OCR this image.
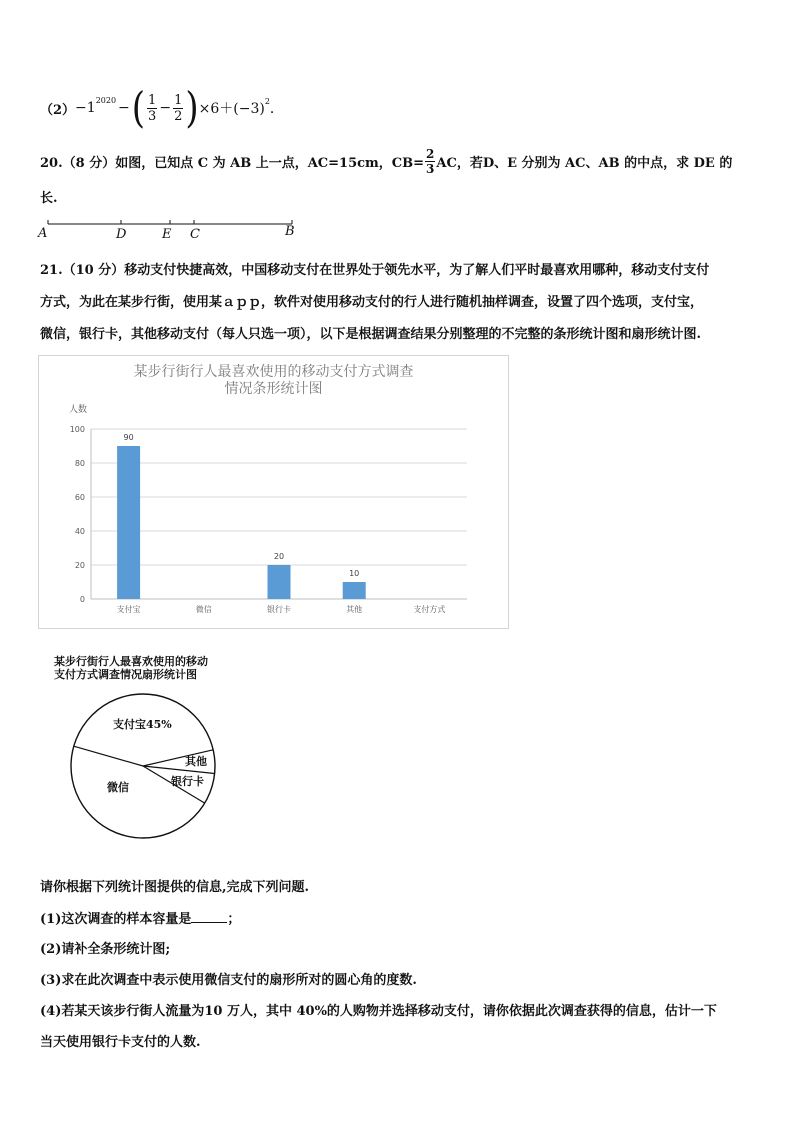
$(2) -1^{2020}$ − ( $\frac{1}{3} - \frac{1}{2}$ ) $\times 6+(-3)^2$ ．
20.（8 分）如图，已知点 C 为 AB 上一点，AC=15cm，$CB= \frac{2}{3}$ AC，若D、E 分别为 AC、AB 的中点，求 DE 的
长.
A	D	E C	B
21.（10 分）移动支付快捷高效，中国移动支付在世界处于领先水平，为了解人们平时最喜欢用哪种，移动支付支付
方式，为此在某步行街，使用某ａｐｐ，软件对使用移动支付的行人进行随机抽样调查，设置了四个选项，支付宝，
微信，银行卡，其他移动支付（每人只选一项），以下是根据调查结果分别整理的不完整的条形统计图和扇形统计图.
某步行街行人最喜欢使用的移动支付方式调查
情况条形统计图
0
20
40
60
80
100
人数
支付宝	微信	银行卡	其他	支付方式
90
20
10
某步行街行人最喜欢使用的移动
支付方式调查情况扇形统计图
支付宝45%
其他
银行卡
微信
请你根据下列统计图提供的信息,完成下列问题.
(1)这次调查的样本容量是	；
(2)请补全条形统计图;
(3)求在此次调查中表示使用微信支付的扇形所对的圆心角的度数.
(4)若某天该步行街人流量为10 万人，其中 40%的人购物并选择移动支付，请你依据此次调查获得的信息，估计一下
当天使用银行卡支付的人数.
